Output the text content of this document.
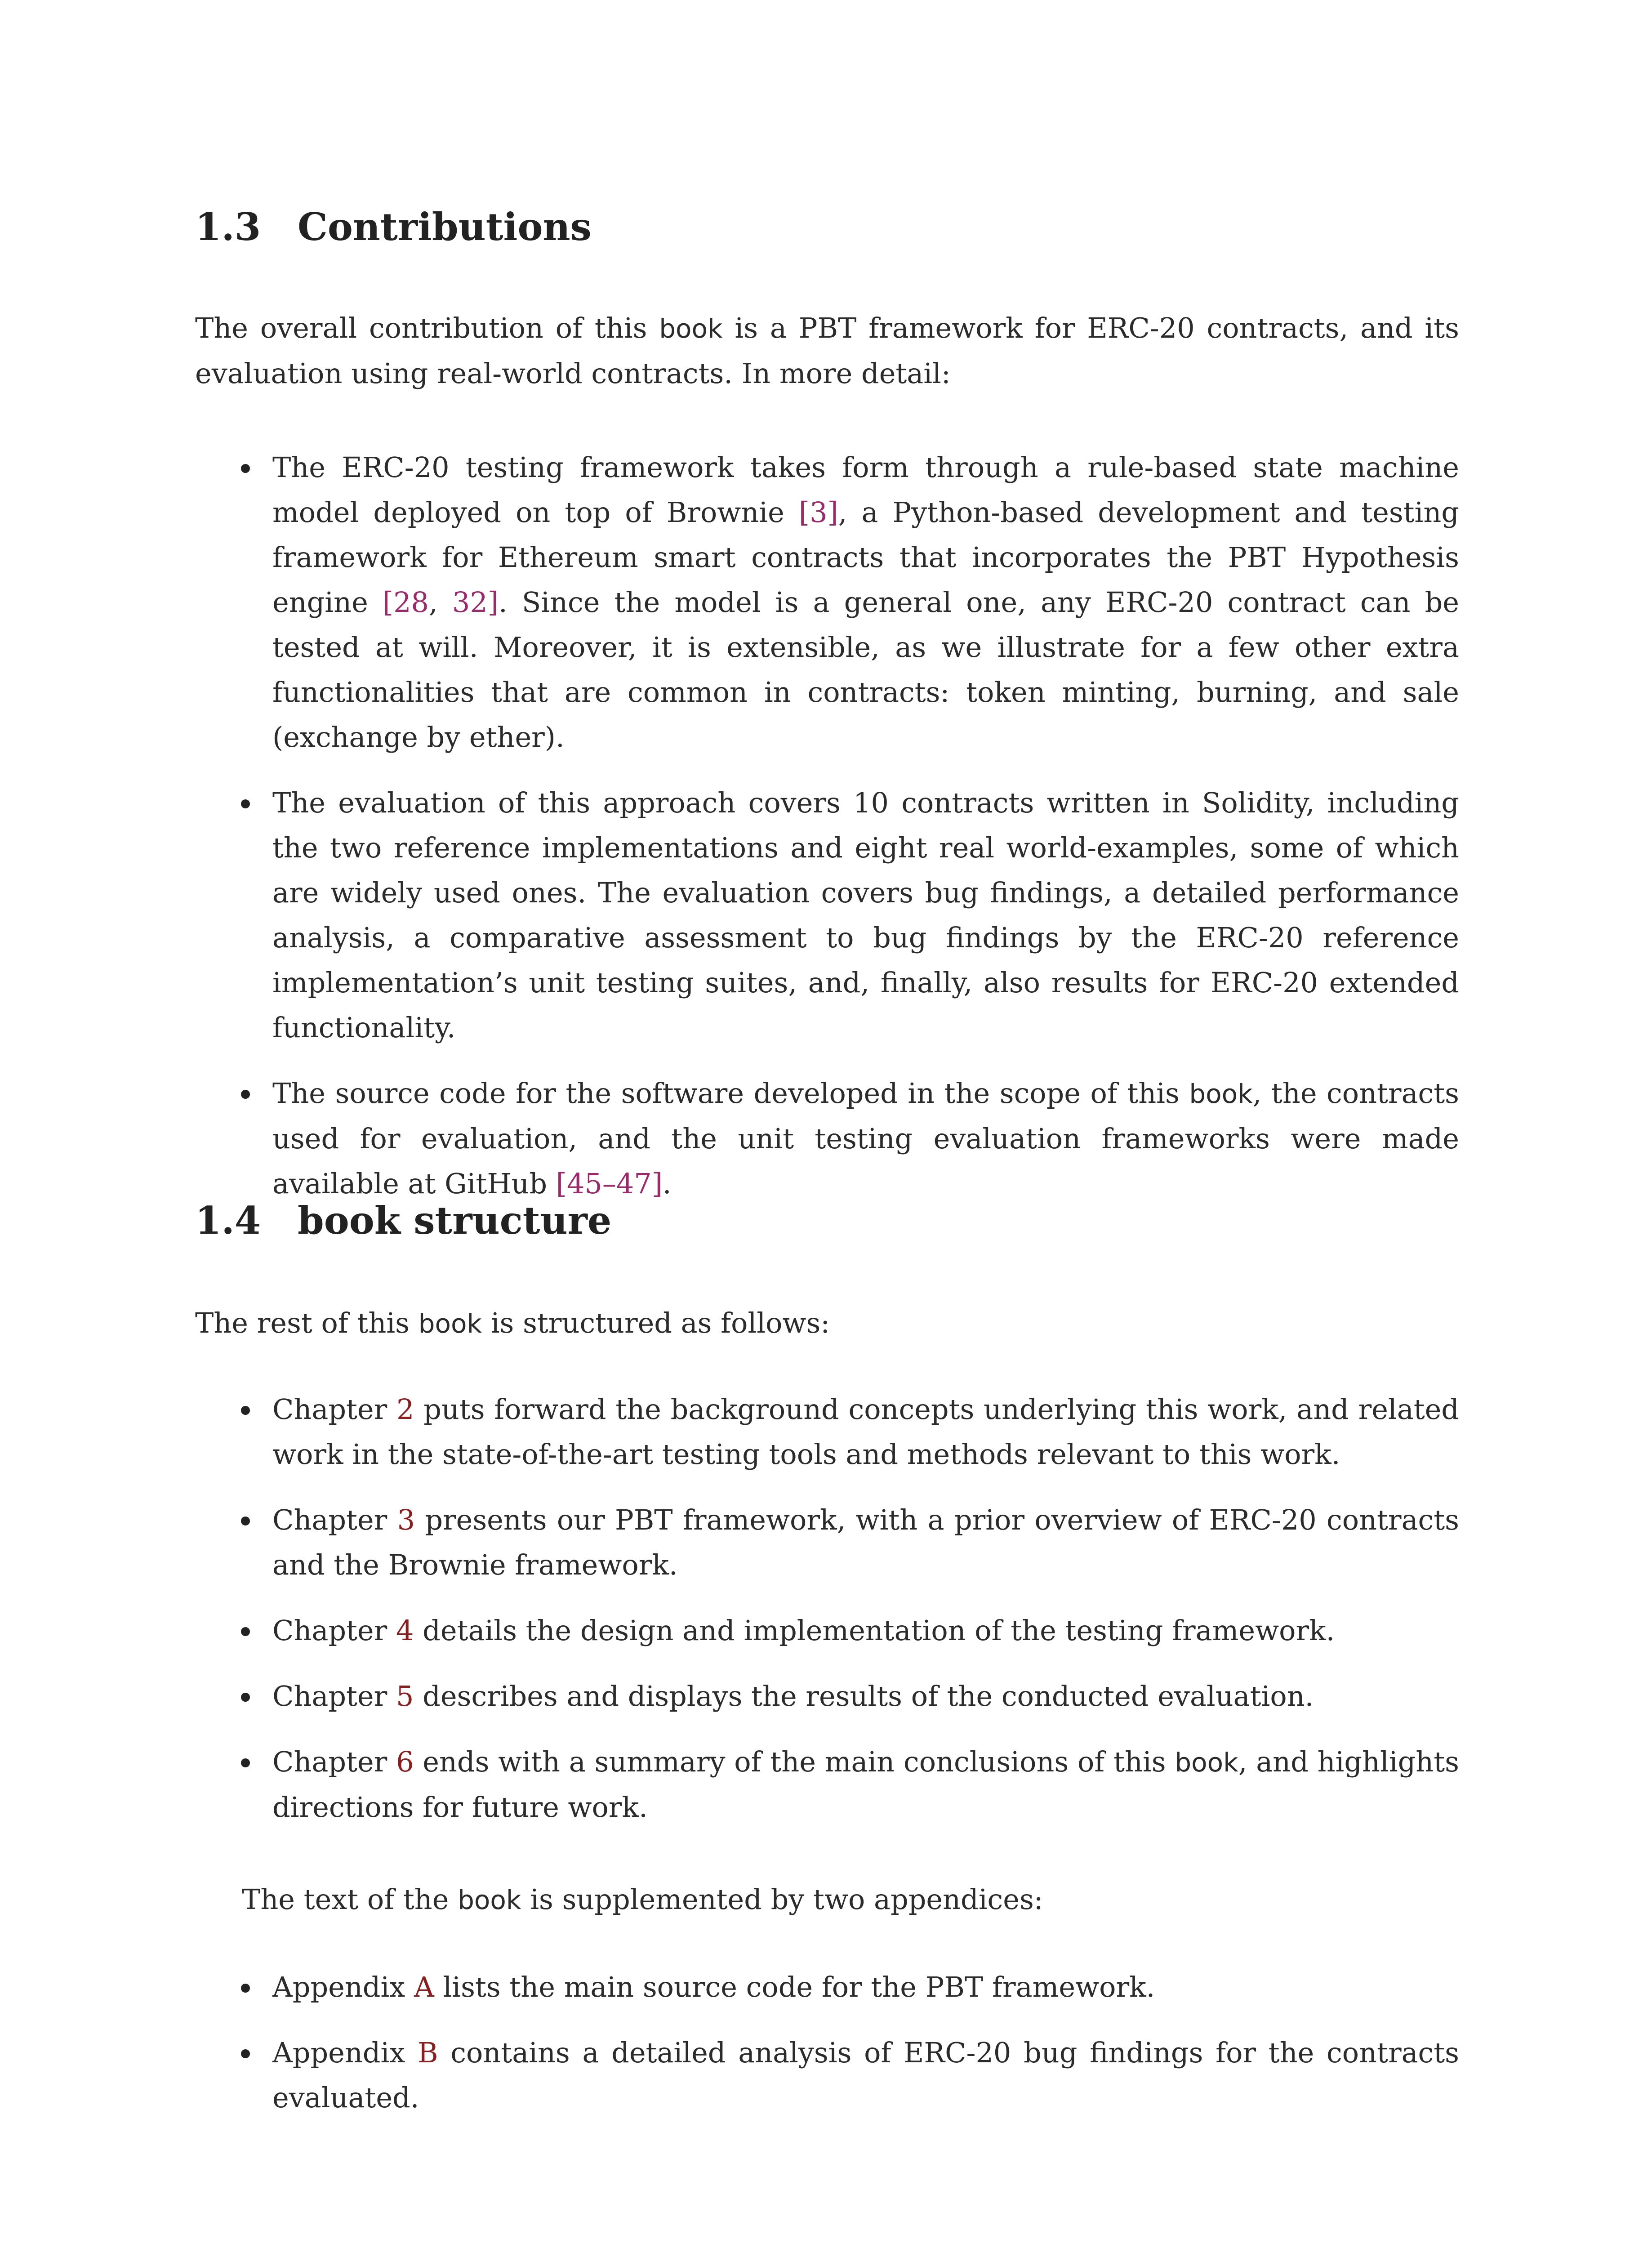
1.3 Contributions

The overall contribution of this book is a PBT framework for ERC-20 contracts, and its evaluation using real-world contracts. In more detail:

The ERC-20 testing framework takes form through a rule-based state machine model deployed on top of Brownie [3], a Python-based development and testing framework for Ethereum smart contracts that incorporates the PBT Hypothesis engine [28, 32]. Since the model is a general one, any ERC-20 contract can be tested at will. Moreover, it is extensible, as we illustrate for a few other extra functionalities that are common in contracts: token minting, burning, and sale (exchange by ether).
The evaluation of this approach covers 10 contracts written in Solidity, including the two reference implementations and eight real world-examples, some of which are widely used ones. The evaluation covers bug findings, a detailed performance analysis, a comparative assessment to bug findings by the ERC-20 reference implementation’s unit testing suites, and, finally, also results for ERC-20 extended functionality.
The source code for the software developed in the scope of this book, the contracts used for evaluation, and the unit testing evaluation frameworks were made available at GitHub [45–47].
1.4 book structure

The rest of this book is structured as follows:

Chapter 2 puts forward the background concepts underlying this work, and related work in the state-of-the-art testing tools and methods relevant to this work.
Chapter 3 presents our PBT framework, with a prior overview of ERC-20 contracts and the Brownie framework.
Chapter 4 details the design and implementation of the testing framework.
Chapter 5 describes and displays the results of the conducted evaluation.
Chapter 6 ends with a summary of the main conclusions of this book, and highlights directions for future work.

The text of the book is supplemented by two appendices:

Appendix A lists the main source code for the PBT framework.
Appendix B contains a detailed analysis of ERC-20 bug findings for the contracts evaluated.
